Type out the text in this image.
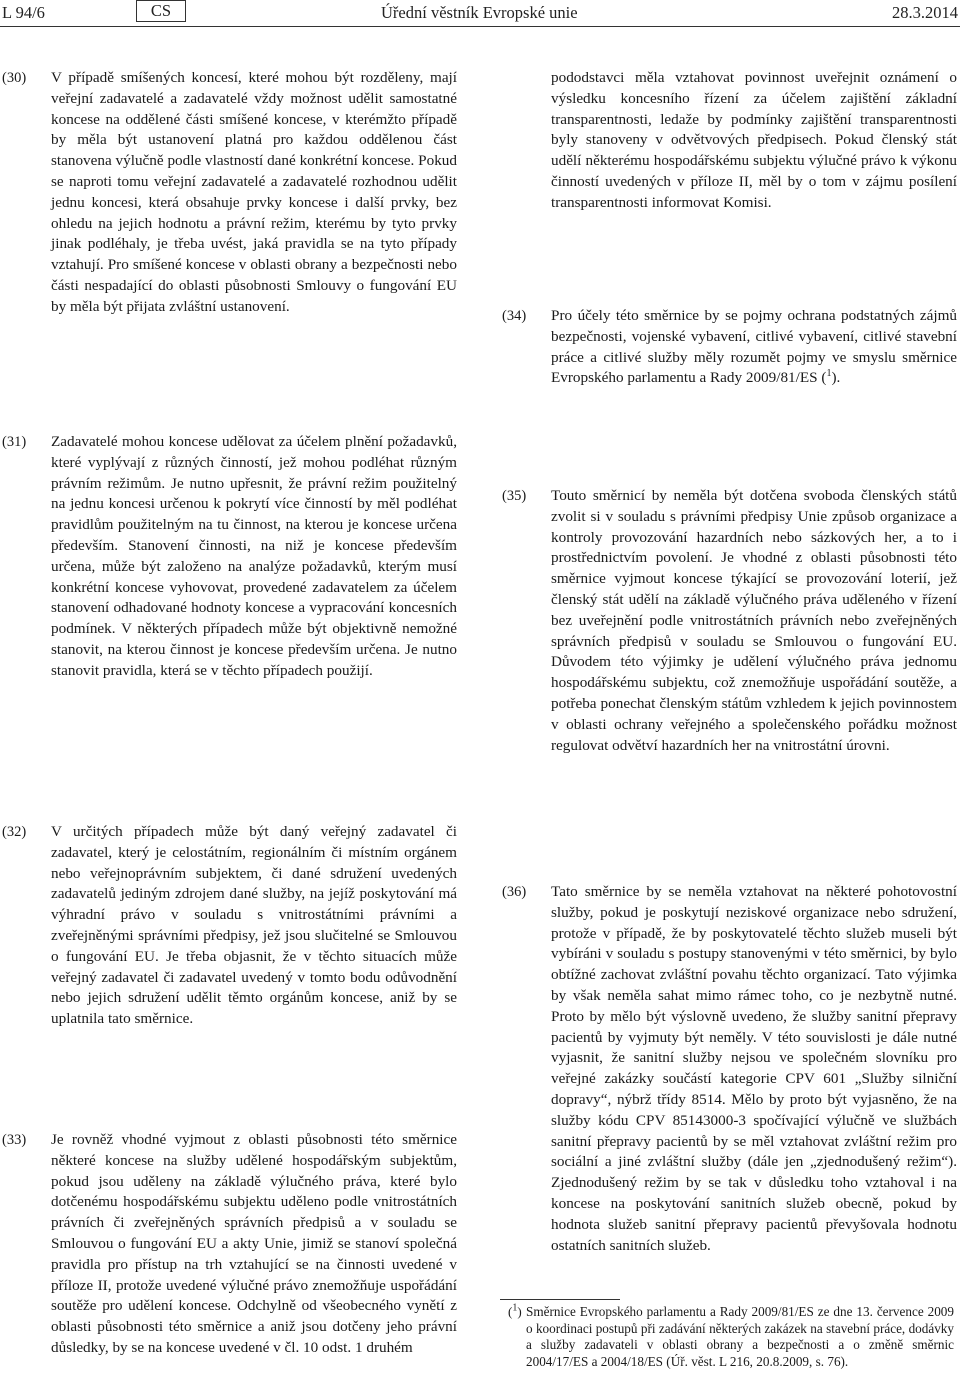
L 94/6	CS	Úřední věstník Evropské unie	28.3.2014
(30) V případě smíšených koncesí, které mohou být rozděleny, mají veřejní zadavatelé a zadavatelé vždy možnost udělit samostatné koncese na oddělené části smíšené koncese, v kterémžto případě by měla být ustanovení platná pro každou oddělenou část stanovena výlučně podle vlastností dané konkrétní koncese. Pokud se naproti tomu veřejní zadavatelé a zadavatelé rozhodnou udělit jednu koncesi, která obsahuje prvky koncese i další prvky, bez ohledu na jejich hodnotu a právní režim, kterému by tyto prvky jinak podléhaly, je třeba uvést, jaká pravidla se na tyto případy vztahují. Pro smíšené koncese v oblasti obrany a bezpečnosti nebo části nespadající do oblasti působnosti Smlouvy o fungování EU by měla být přijata zvláštní ustanovení.

(31) Zadavatelé mohou koncese udělovat za účelem plnění požadavků, které vyplývají z různých činností, jež mohou podléhat různým právním režimům. Je nutno upřesnit, že právní režim použitelný na jednu koncesi určenou k pokrytí více činností by měl podléhat pravidlům použitelným na tu činnost, na kterou je koncese určena především. Stanovení činnosti, na niž je koncese především určena, může být založeno na analýze požadavků, kterým musí konkrétní koncese vyhovovat, provedené zadavatelem za účelem stanovení odhadované hodnoty koncese a vypracování koncesních podmínek. V některých případech může být objektivně nemožné stanovit, na kterou činnost je koncese především určena. Je nutno stanovit pravidla, která se v těchto případech použijí.

(32) V určitých případech může být daný veřejný zadavatel či zadavatel, který je celostátním, regionálním či místním orgánem nebo veřejnoprávním subjektem, či dané sdružení uvedených zadavatelů jediným zdrojem dané služby, na jejíž poskytování má výhradní právo v souladu s vnitrostátními právními a zveřejněnými správními předpisy, jež jsou slučitelné se Smlouvou o fungování EU. Je třeba objasnit, že v těchto situacích může veřejný zadavatel či zadavatel uvedený v tomto bodu odůvodnění nebo jejich sdružení udělit těmto orgánům koncese, aniž by se uplatnila tato směrnice.

(33) Je rovněž vhodné vyjmout z oblasti působnosti této směrnice některé koncese na služby udělené hospodářským subjektům, pokud jsou uděleny na základě výlučného práva, které bylo dotčenému hospodářskému subjektu uděleno podle vnitrostátních právních či zveřejněných správních předpisů a v souladu se Smlouvou o fungování EU a akty Unie, jimiž se stanoví společná pravidla pro přístup na trh vztahující se na činnosti uvedené v příloze II, protože uvedené výlučné právo znemožňuje uspořádání soutěže pro udělení koncese. Odchylně od všeobecného vynětí z oblasti působnosti této směrnice a aniž jsou dotčeny jeho právní důsledky, by se na koncese uvedené v čl. 10 odst. 1 druhém

pododstavci měla vztahovat povinnost uveřejnit oznámení o výsledku koncesního řízení za účelem zajištění základní transparentnosti, ledaže by podmínky zajištění transparentnosti byly stanoveny v odvětvových předpisech. Pokud členský stát udělí některému hospodářskému subjektu výlučné právo k výkonu činností uvedených v příloze II, měl by o tom v zájmu posílení transparentnosti informovat Komisi.

(34) Pro účely této směrnice by se pojmy ochrana podstatných zájmů bezpečnosti, vojenské vybavení, citlivé vybavení, citlivé stavební práce a citlivé služby měly rozumět pojmy ve smyslu směrnice Evropského parlamentu a Rady 2009/81/ES ($^1$).

(35) Touto směrnicí by neměla být dotčena svoboda členských států zvolit si v souladu s právními předpisy Unie způsob organizace a kontroly provozování hazardních nebo sázkových her, a to i prostřednictvím povolení. Je vhodné z oblasti působnosti této směrnice vyjmout koncese týkající se provozování loterií, jež členský stát udělí na základě výlučného práva uděleného v řízení bez uveřejnění podle vnitrostátních právních nebo zveřejněných správních předpisů v souladu se Smlouvou o fungování EU. Důvodem této výjimky je udělení výlučného práva jednomu hospodářskému subjektu, což znemožňuje uspořádání soutěže, a potřeba ponechat členským státům vzhledem k jejich povinnostem v oblasti ochrany veřejného a společenského pořádku možnost regulovat odvětví hazardních her na vnitrostátní úrovni.

(36) Tato směrnice by se neměla vztahovat na některé pohotovostní služby, pokud je poskytují neziskové organizace nebo sdružení, protože v případě, že by poskytovatelé těchto služeb museli být vybíráni v souladu s postupy stanovenými v této směrnici, by bylo obtížné zachovat zvláštní povahu těchto organizací. Tato výjimka by však neměla sahat mimo rámec toho, co je nezbytně nutné. Proto by mělo být výslovně uvedeno, že služby sanitní přepravy pacientů by vyjmuty být neměly. V této souvislosti je dále nutné vyjasnit, že sanitní služby nejsou ve společném slovníku pro veřejné zakázky součástí kategorie CPV 601 „Služby silniční dopravy“, nýbrž třídy 8514. Mělo by proto být vyjasněno, že na služby kódu CPV 85143000-3 spočívající výlučně ve službách sanitní přepravy pacientů by se měl vztahovat zvláštní režim pro sociální a jiné zvláštní služby (dále jen „zjednodušený režim“). Zjednodušený režim by se tak v důsledku toho vztahoval i na koncese na poskytování sanitních služeb obecně, pokud by hodnota služeb sanitní přepravy pacientů převyšovala hodnotu ostatních sanitních služeb.

($^1$) Směrnice Evropského parlamentu a Rady 2009/81/ES ze dne 13. července 2009 o koordinaci postupů při zadávání některých zakázek na stavební práce, dodávky a služby zadavateli v oblasti obrany a bezpečnosti a o změně směrnic 2004/17/ES a 2004/18/ES (Úř. věst. L 216, 20.8.2009, s. 76).
